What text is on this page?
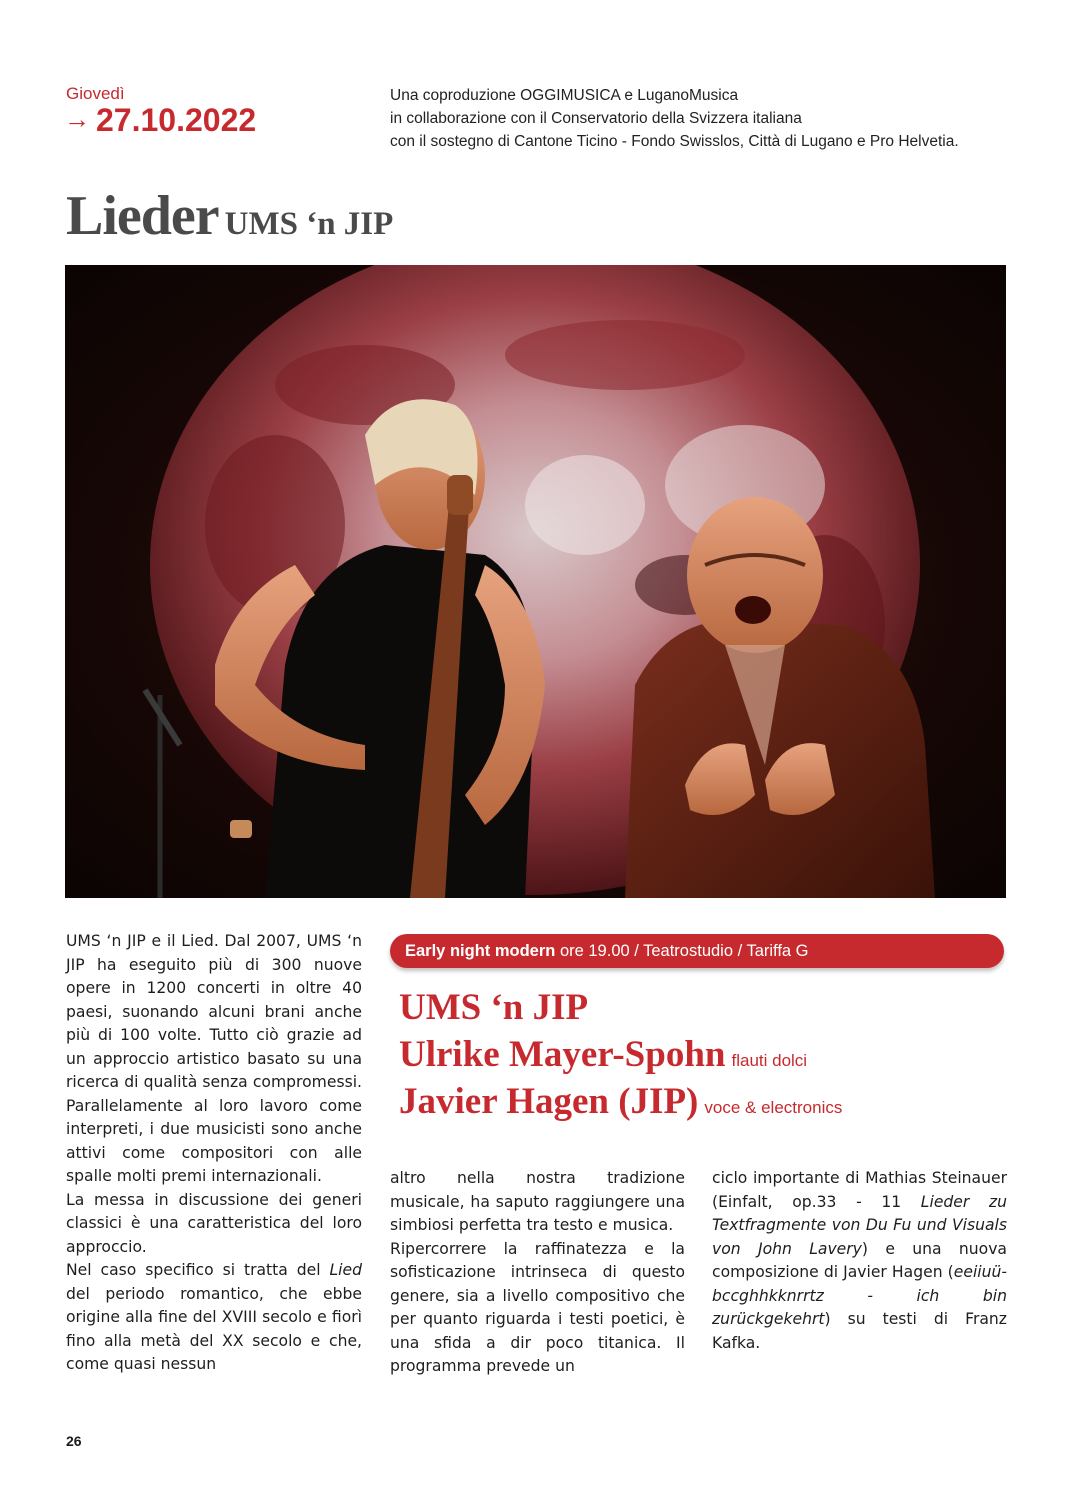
Giovedì
→ 27.10.2022
Una coproduzione OGGIMUSICA e LuganoMusica
in collaborazione con il Conservatorio della Svizzera italiana
con il sostegno di Cantone Ticino - Fondo Swisslos, Città di Lugano e Pro Helvetia.
Lieder UMS ‘n JIP

UMS ‘n JIP e il Lied. Dal 2007, UMS ‘n JIP ha eseguito più di 300 nuove opere in 1200 concerti in oltre 40 paesi, suonando alcuni brani anche più di 100 volte. Tutto ciò grazie ad un approccio artistico basato su una ricerca di qualità senza compromessi. Parallelamente al loro lavoro come interpreti, i due musicisti sono anche attivi come compositori con alle spalle molti premi internazionali.

La messa in discussione dei generi classici è una caratteristica del loro approccio.

Nel caso specifico si tratta del Lied del periodo romantico, che ebbe origine alla fine del XVIII secolo e fiorì fino alla metà del XX secolo e che, come quasi nessun

Early night modern ore 19.00 / Teatrostudio / Tariffa G
UMS ‘n JIP
Ulrike Mayer-Spohn flauti dolci
Javier Hagen (JIP) voce & electronics

altro nella nostra tradizione musicale, ha saputo raggiungere una simbiosi perfetta tra testo e musica.

Ripercorrere la raffinatezza e la sofisticazione intrinseca di questo genere, sia a livello compositivo che per quanto riguarda i testi poetici, è una sfida a dir poco titanica. Il programma prevede un

ciclo importante di Mathias Steinauer (Einfalt, op.33 - 11 Lieder zu Textfragmente von Du Fu und Visuals von John Lavery) e una nuova composizione di Javier Hagen (eeiiuü-bccghhkknrrtz - ich bin zurückgekehrt) su testi di Franz Kafka.

26
